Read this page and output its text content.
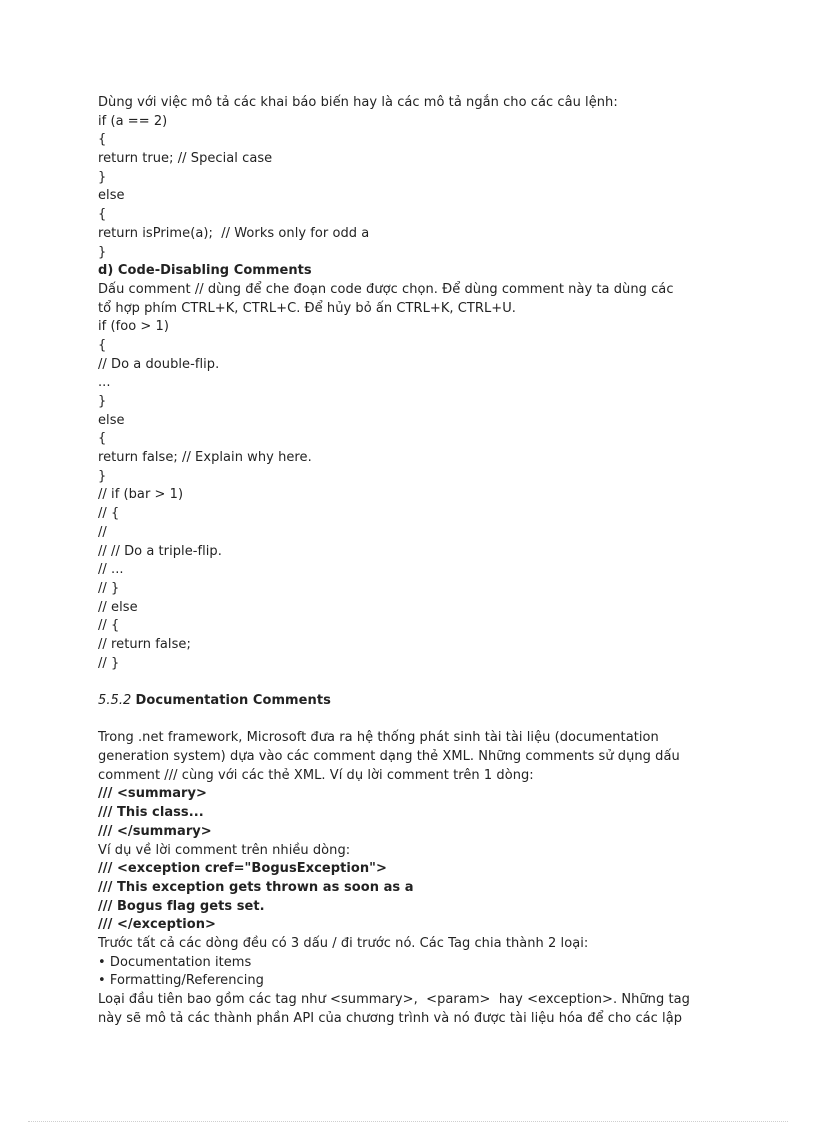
Dùng với việc mô tả các khai báo biến hay là các mô tả ngắn cho các câu lệnh:
if (a == 2)
{
return true; // Special case
}
else
{
return isPrime(a);  // Works only for odd a
}
d) Code-Disabling Comments
Dấu comment // dùng để che đoạn code được chọn. Để dùng comment này ta dùng các
tổ hợp phím CTRL+K, CTRL+C. Để hủy bỏ ấn CTRL+K, CTRL+U.
if (foo > 1)
{
// Do a double-flip.
...
}
else
{
return false; // Explain why here.
}
// if (bar > 1)
// {
//
// // Do a triple-flip.
// ...
// }
// else
// {
// return false;
// }
5.5.2 Documentation Comments
Trong .net framework, Microsoft đưa ra hệ thống phát sinh tài tài liệu (documentation
generation system) dựa vào các comment dạng thẻ XML. Những comments sử dụng dấu
comment /// cùng với các thẻ XML. Ví dụ lời comment trên 1 dòng:
/// <summary>
/// This class...
/// </summary>
Ví dụ về lời comment trên nhiều dòng:
/// <exception cref="BogusException">
/// This exception gets thrown as soon as a
/// Bogus flag gets set.
/// </exception>
Trước tất cả các dòng đều có 3 dấu / đi trước nó. Các Tag chia thành 2 loại:
• Documentation items
• Formatting/Referencing
Loại đầu tiên bao gồm các tag như <summary>,  <param>  hay <exception>. Những tag
này sẽ mô tả các thành phần API của chương trình và nó được tài liệu hóa để cho các lập
